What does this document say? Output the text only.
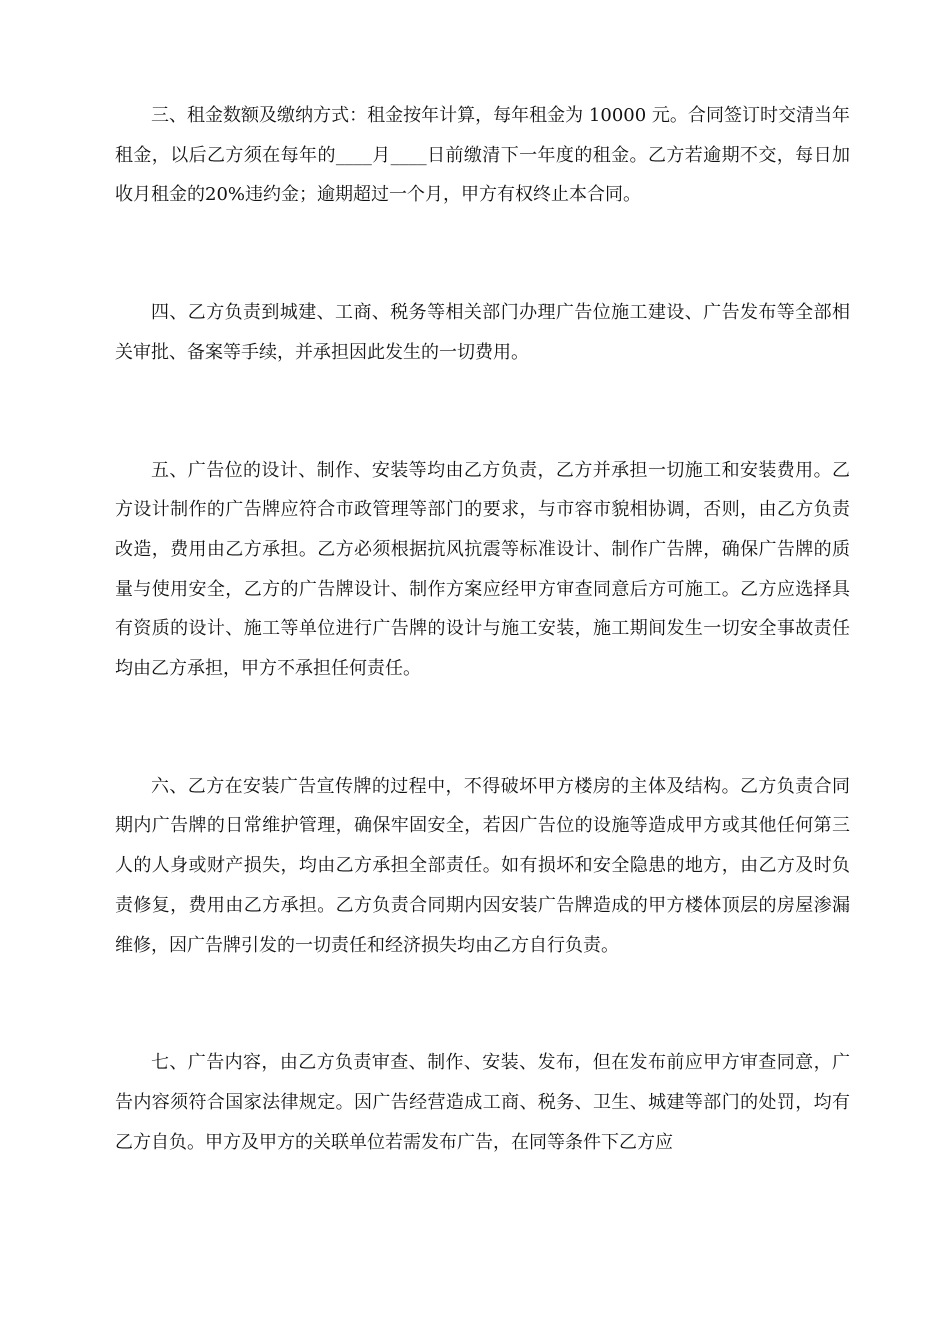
三、租金数额及缴纳方式：租金按年计算，每年租金为 10000 元。合同签订时交清当年租金，以后乙方须在每年的____月____日前缴清下一年度的租金。乙方若逾期不交，每日加收月租金的20%违约金；逾期超过一个月，甲方有权终止本合同。

四、乙方负责到城建、工商、税务等相关部门办理广告位施工建设、广告发布等全部相关审批、备案等手续，并承担因此发生的一切费用。

五、广告位的设计、制作、安装等均由乙方负责，乙方并承担一切施工和安装费用。乙方设计制作的广告牌应符合市政管理等部门的要求，与市容市貌相协调，否则，由乙方负责改造，费用由乙方承担。乙方必须根据抗风抗震等标准设计、制作广告牌，确保广告牌的质量与使用安全，乙方的广告牌设计、制作方案应经甲方审查同意后方可施工。乙方应选择具有资质的设计、施工等单位进行广告牌的设计与施工安装，施工期间发生一切安全事故责任均由乙方承担，甲方不承担任何责任。

六、乙方在安装广告宣传牌的过程中，不得破坏甲方楼房的主体及结构。乙方负责合同期内广告牌的日常维护管理，确保牢固安全，若因广告位的设施等造成甲方或其他任何第三人的人身或财产损失，均由乙方承担全部责任。如有损坏和安全隐患的地方，由乙方及时负责修复，费用由乙方承担。乙方负责合同期内因安装广告牌造成的甲方楼体顶层的房屋渗漏维修，因广告牌引发的一切责任和经济损失均由乙方自行负责。

七、广告内容，由乙方负责审查、制作、安装、发布，但在发布前应甲方审查同意，广告内容须符合国家法律规定。因广告经营造成工商、税务、卫生、城建等部门的处罚，均有乙方自负。甲方及甲方的关联单位若需发布广告，在同等条件下乙方应
